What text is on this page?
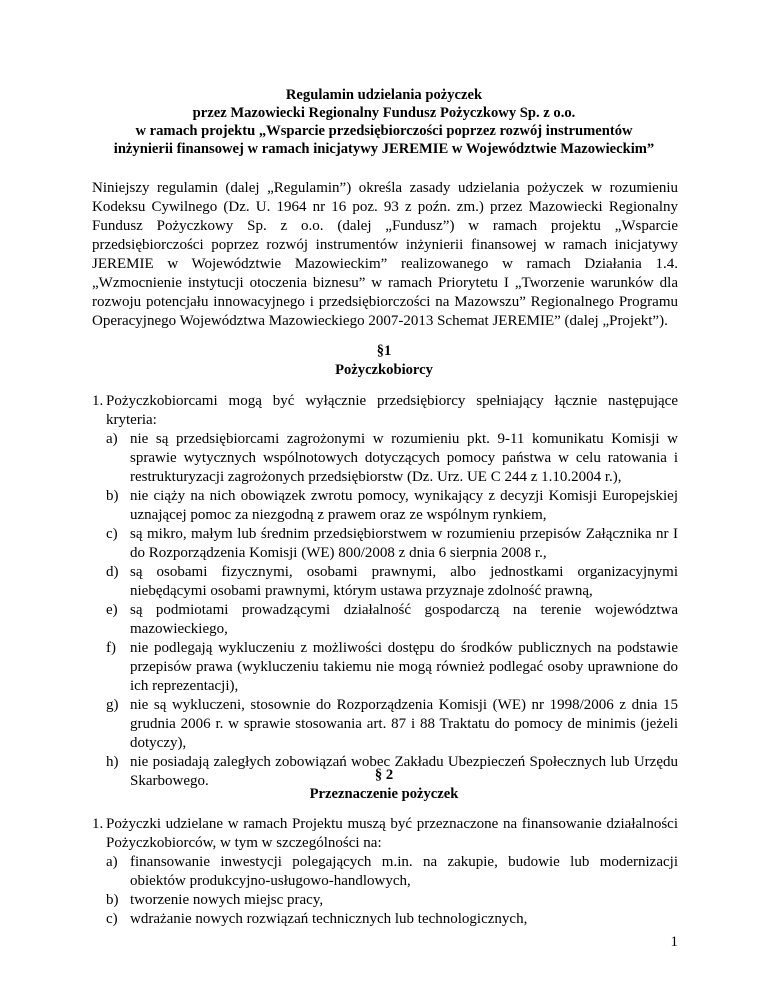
Regulamin udzielania pożyczek
przez Mazowiecki Regionalny Fundusz Pożyczkowy Sp. z o.o.
w ramach projektu „Wsparcie przedsiębiorczości poprzez rozwój instrumentów
inżynierii finansowej w ramach inicjatywy JEREMIE w Województwie Mazowieckim”
Niniejszy regulamin (dalej „Regulamin”) określa zasady udzielania pożyczek w rozumieniu Kodeksu Cywilnego (Dz. U. 1964 nr 16 poz. 93 z poźn. zm.) przez Mazowiecki Regionalny Fundusz Pożyczkowy Sp. z o.o. (dalej „Fundusz”) w ramach projektu „Wsparcie przedsiębiorczości poprzez rozwój instrumentów inżynierii finansowej w ramach inicjatywy JEREMIE w Województwie Mazowieckim” realizowanego w ramach Działania 1.4. „Wzmocnienie instytucji otoczenia biznesu” w ramach Priorytetu I „Tworzenie warunków dla rozwoju potencjału innowacyjnego i przedsiębiorczości na Mazowszu” Regionalnego Programu Operacyjnego Województwa Mazowieckiego 2007-2013 Schemat JEREMIE” (dalej „Projekt”).
§1
Pożyczkobiorcy
1. Pożyczkobiorcami mogą być wyłącznie przedsiębiorcy spełniający łącznie następujące kryteria:
a) nie są przedsiębiorcami zagrożonymi w rozumieniu pkt. 9-11 komunikatu Komisji w sprawie wytycznych wspólnotowych dotyczących pomocy państwa w celu ratowania i restrukturyzacji zagrożonych przedsiębiorstw (Dz. Urz. UE C 244 z 1.10.2004 r.),
b) nie ciąży na nich obowiązek zwrotu pomocy, wynikający z decyzji Komisji Europejskiej uznającej pomoc za niezgodną z prawem oraz ze wspólnym rynkiem,
c) są mikro, małym lub średnim przedsiębiorstwem w rozumieniu przepisów Załącznika nr I do Rozporządzenia Komisji (WE) 800/2008 z dnia 6 sierpnia 2008 r.,
d) są osobami fizycznymi, osobami prawnymi, albo jednostkami organizacyjnymi niebędącymi osobami prawnymi, którym ustawa przyznaje zdolność prawną,
e) są podmiotami prowadzącymi działalność gospodarczą na terenie województwa mazowieckiego,
f) nie podlegają wykluczeniu z możliwości dostępu do środków publicznych na podstawie przepisów prawa (wykluczeniu takiemu nie mogą również podlegać osoby uprawnione do ich reprezentacji),
g) nie są wykluczeni, stosownie do Rozporządzenia Komisji (WE) nr 1998/2006 z dnia 15 grudnia 2006 r. w sprawie stosowania art. 87 i 88 Traktatu do pomocy de minimis (jeżeli dotyczy),
h) nie posiadają zaległych zobowiązań wobec Zakładu Ubezpieczeń Społecznych lub Urzędu Skarbowego.	§ 2
Przeznaczenie pożyczek
1. Pożyczki udzielane w ramach Projektu muszą być przeznaczone na finansowanie działalności Pożyczkobiorców, w tym w szczególności na:
a) finansowanie inwestycji polegających m.in. na zakupie, budowie lub modernizacji obiektów produkcyjno-usługowo-handlowych,
b) tworzenie nowych miejsc pracy,
c) wdrażanie nowych rozwiązań technicznych lub technologicznych,
1
